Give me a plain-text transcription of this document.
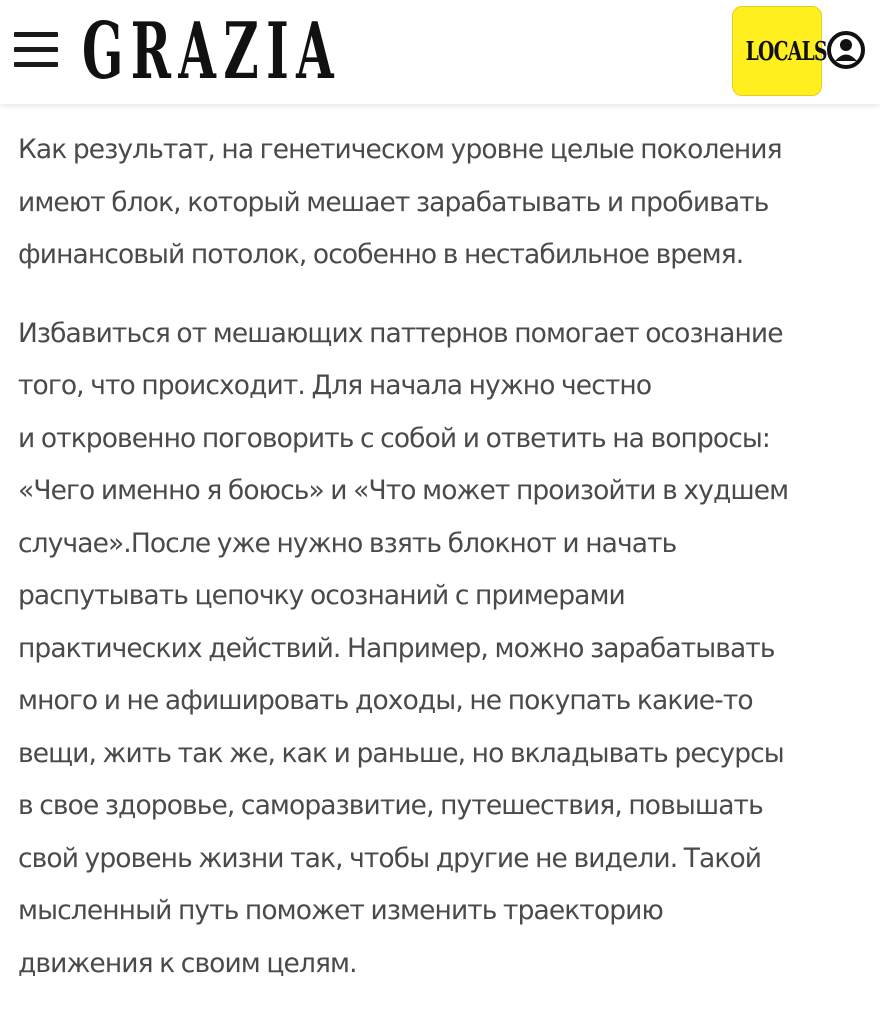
GRAZIA	LOCALS

Как результат, на генетическом уровне целые поколения
имеют блок, который мешает зарабатывать и пробивать
финансовый потолок, особенно в нестабильное время.

Избавиться от мешающих паттернов помогает осознание
того, что происходит. Для начала нужно честно
и откровенно поговорить с собой и ответить на вопросы:
«Чего именно я боюсь» и «Что может произойти в худшем
случае».После уже нужно взять блокнот и начать
распутывать цепочку осознаний с примерами
практических действий. Например, можно зарабатывать
много и не афишировать доходы, не покупать какие-то
вещи, жить так же, как и раньше, но вкладывать ресурсы
в свое здоровье, саморазвитие, путешествия, повышать
свой уровень жизни так, чтобы другие не видели. Такой
мысленный путь поможет изменить траекторию
движения к своим целям.
